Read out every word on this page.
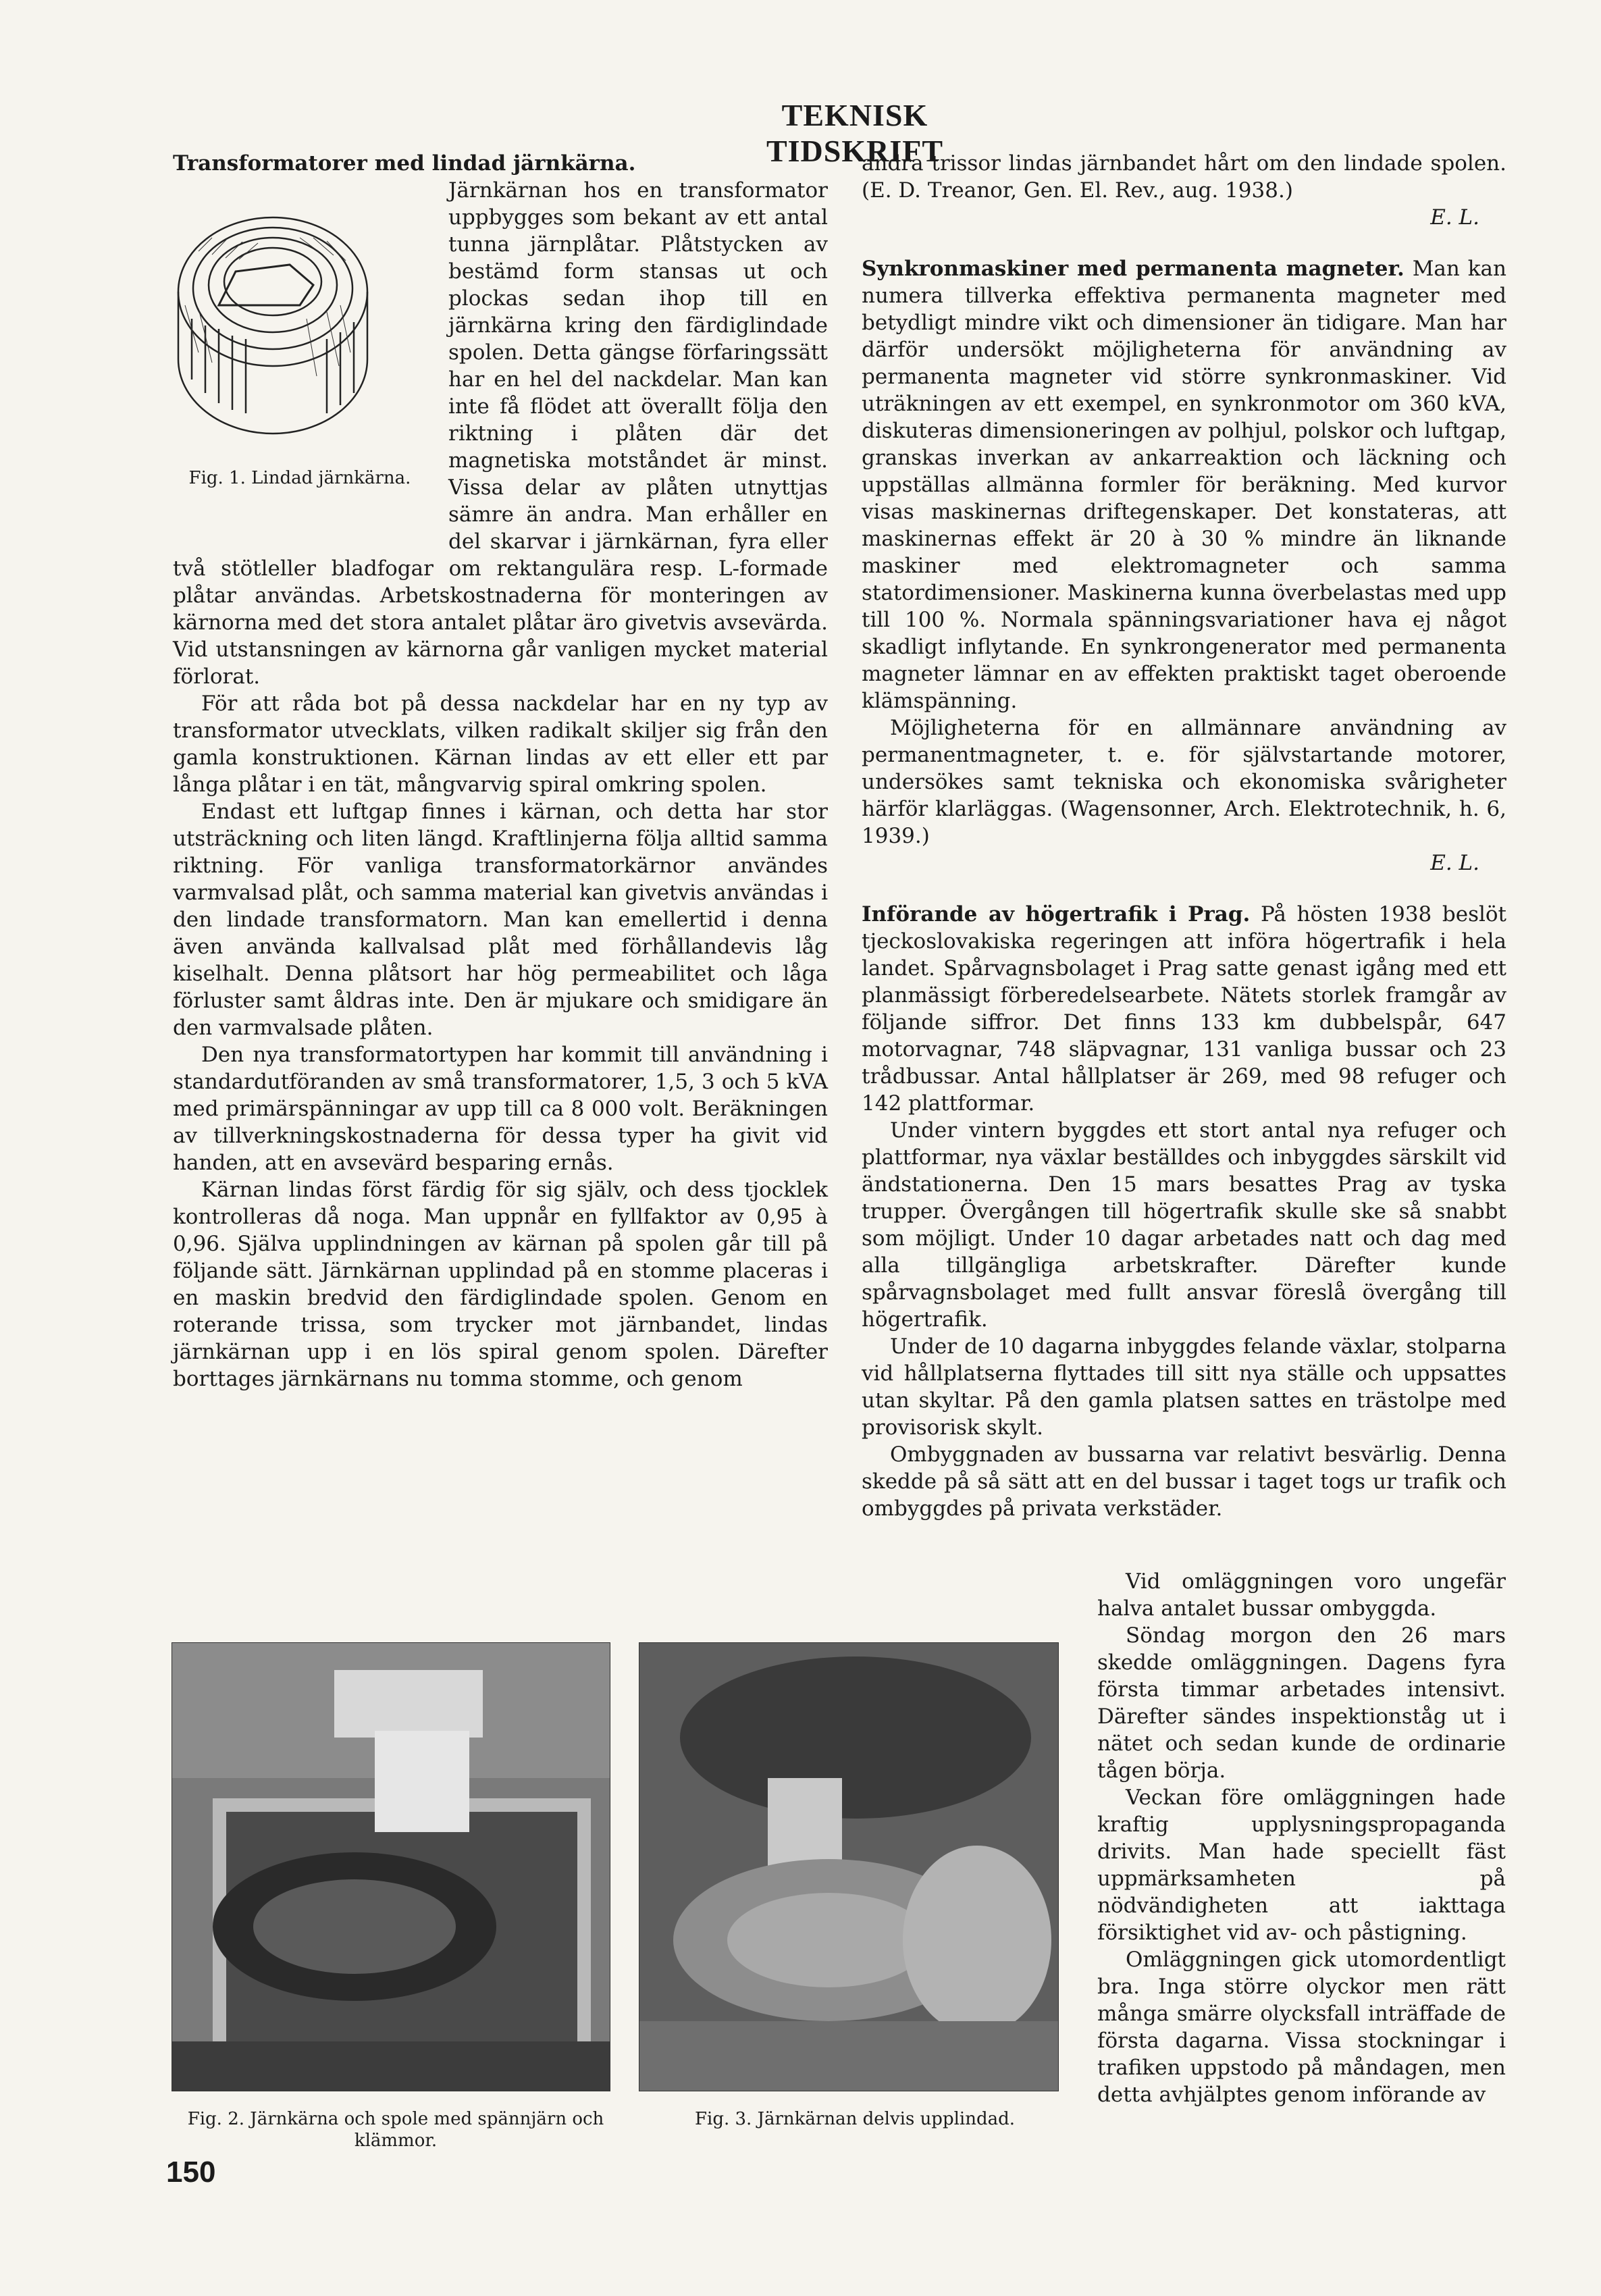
TEKNISK TIDSKRIFT

Transformatorer med lindad järnkärna.

Fig. 1. Lindad järnkärna.

Järnkärnan hos en transformator uppbygges som bekant av ett antal tunna järnplåtar. Plåtstycken av bestämd form stansas ut och plockas sedan ihop till en järnkärna kring den färdiglindade spolen. Detta gängse förfaringssätt har en hel del nackdelar. Man kan inte få flödet att överallt följa den riktning i plåten där det magnetiska motståndet är minst. Vissa delar av plåten utnyttjas sämre än andra. Man erhåller en del skarvar i järnkärnan, fyra eller två stötleller bladfogar om rektangulära resp. L-formade plåtar användas. Arbetskostnaderna för monteringen av kärnorna med det stora antalet plåtar äro givetvis avsevärda. Vid utstansningen av kärnorna går vanligen mycket material förlorat.

För att råda bot på dessa nackdelar har en ny typ av transformator utvecklats, vilken radikalt skiljer sig från den gamla konstruktionen. Kärnan lindas av ett eller ett par långa plåtar i en tät, mångvarvig spiral omkring spolen.

Endast ett luftgap finnes i kärnan, och detta har stor utsträckning och liten längd. Kraftlinjerna följa alltid samma riktning. För vanliga transformatorkärnor användes varmvalsad plåt, och samma material kan givetvis användas i den lindade transformatorn. Man kan emellertid i denna även använda kallvalsad plåt med förhållandevis låg kiselhalt. Denna plåtsort har hög permeabilitet och låga förluster samt åldras inte. Den är mjukare och smidigare än den varmvalsade plåten.

Den nya transformatortypen har kommit till användning i standardutföranden av små transformatorer, 1,5, 3 och 5 kVA med primärspänningar av upp till ca 8 000 volt. Beräkningen av tillverkningskostnaderna för dessa typer ha givit vid handen, att en avsevärd besparing ernås.

Kärnan lindas först färdig för sig själv, och dess tjocklek kontrolleras då noga. Man uppnår en fyllfaktor av 0,95 à 0,96. Själva upplindningen av kärnan på spolen går till på följande sätt. Järnkärnan upplindad på en stomme placeras i en maskin bredvid den färdiglindade spolen. Genom en roterande trissa, som trycker mot järnbandet, lindas järnkärnan upp i en lös spiral genom spolen. Därefter borttages järnkärnans nu tomma stomme, och genom

andra trissor lindas järnbandet hårt om den lindade spolen. (E. D. Treanor, Gen. El. Rev., aug. 1938.)

E. L.

Synkronmaskiner med permanenta magneter. Man kan numera tillverka effektiva permanenta magneter med betydligt mindre vikt och dimensioner än tidigare. Man har därför undersökt möjligheterna för användning av permanenta magneter vid större synkronmaskiner. Vid uträkningen av ett exempel, en synkronmotor om 360 kVA, diskuteras dimensioneringen av polhjul, polskor och luftgap, granskas inverkan av ankarreaktion och läckning och uppställas allmänna formler för beräkning. Med kurvor visas maskinernas driftegenskaper. Det konstateras, att maskinernas effekt är 20 à 30 % mindre än liknande maskiner med elektromagneter och samma statordimensioner. Maskinerna kunna överbelastas med upp till 100 %. Normala spänningsvariationer hava ej något skadligt inflytande. En synkrongenerator med permanenta magneter lämnar en av effekten praktiskt taget oberoende klämspänning.

Möjligheterna för en allmännare användning av permanentmagneter, t. e. för självstartande motorer, undersökes samt tekniska och ekonomiska svårigheter härför klarläggas. (Wagensonner, Arch. Elektrotechnik, h. 6, 1939.)

E. L.

Införande av högertrafik i Prag. På hösten 1938 beslöt tjeckoslovakiska regeringen att införa högertrafik i hela landet. Spårvagnsbolaget i Prag satte genast igång med ett planmässigt förberedelsearbete. Nätets storlek framgår av följande siffror. Det finns 133 km dubbelspår, 647 motorvagnar, 748 släpvagnar, 131 vanliga bussar och 23 trådbussar. Antal hållplatser är 269, med 98 refuger och 142 plattformar.

Under vintern byggdes ett stort antal nya refuger och plattformar, nya växlar beställdes och inbyggdes särskilt vid ändstationerna. Den 15 mars besattes Prag av tyska trupper. Övergången till högertrafik skulle ske så snabbt som möjligt. Under 10 dagar arbetades natt och dag med alla tillgängliga arbetskrafter. Därefter kunde spårvagnsbolaget med fullt ansvar föreslå övergång till högertrafik.

Under de 10 dagarna inbyggdes felande växlar, stolparna vid hållplatserna flyttades till sitt nya ställe och uppsattes utan skyltar. På den gamla platsen sattes en trästolpe med provisorisk skylt.

Ombyggnaden av bussarna var relativt besvärlig. Denna skedde på så sätt att en del bussar i taget togs ur trafik och ombyggdes på privata verkstäder.

Vid omläggningen voro ungefär halva antalet bussar ombyggda.

Söndag morgon den 26 mars skedde omläggningen. Dagens fyra första timmar arbetades intensivt. Därefter sändes inspektionståg ut i nätet och sedan kunde de ordinarie tågen börja.

Veckan före omläggningen hade kraftig upplysningspropaganda drivits. Man hade speciellt fäst uppmärksamheten på nödvändigheten att iakttaga försiktighet vid av- och påstigning.

Omläggningen gick utomordentligt bra. Inga större olyckor men rätt många smärre olycksfall inträffade de första dagarna. Vissa stockningar i trafiken uppstodo på måndagen, men detta avhjälptes genom införande av

Fig. 2. Järnkärna och spole med spännjärn och klämmor.
Fig. 3. Järnkärnan delvis upplindad.
150
